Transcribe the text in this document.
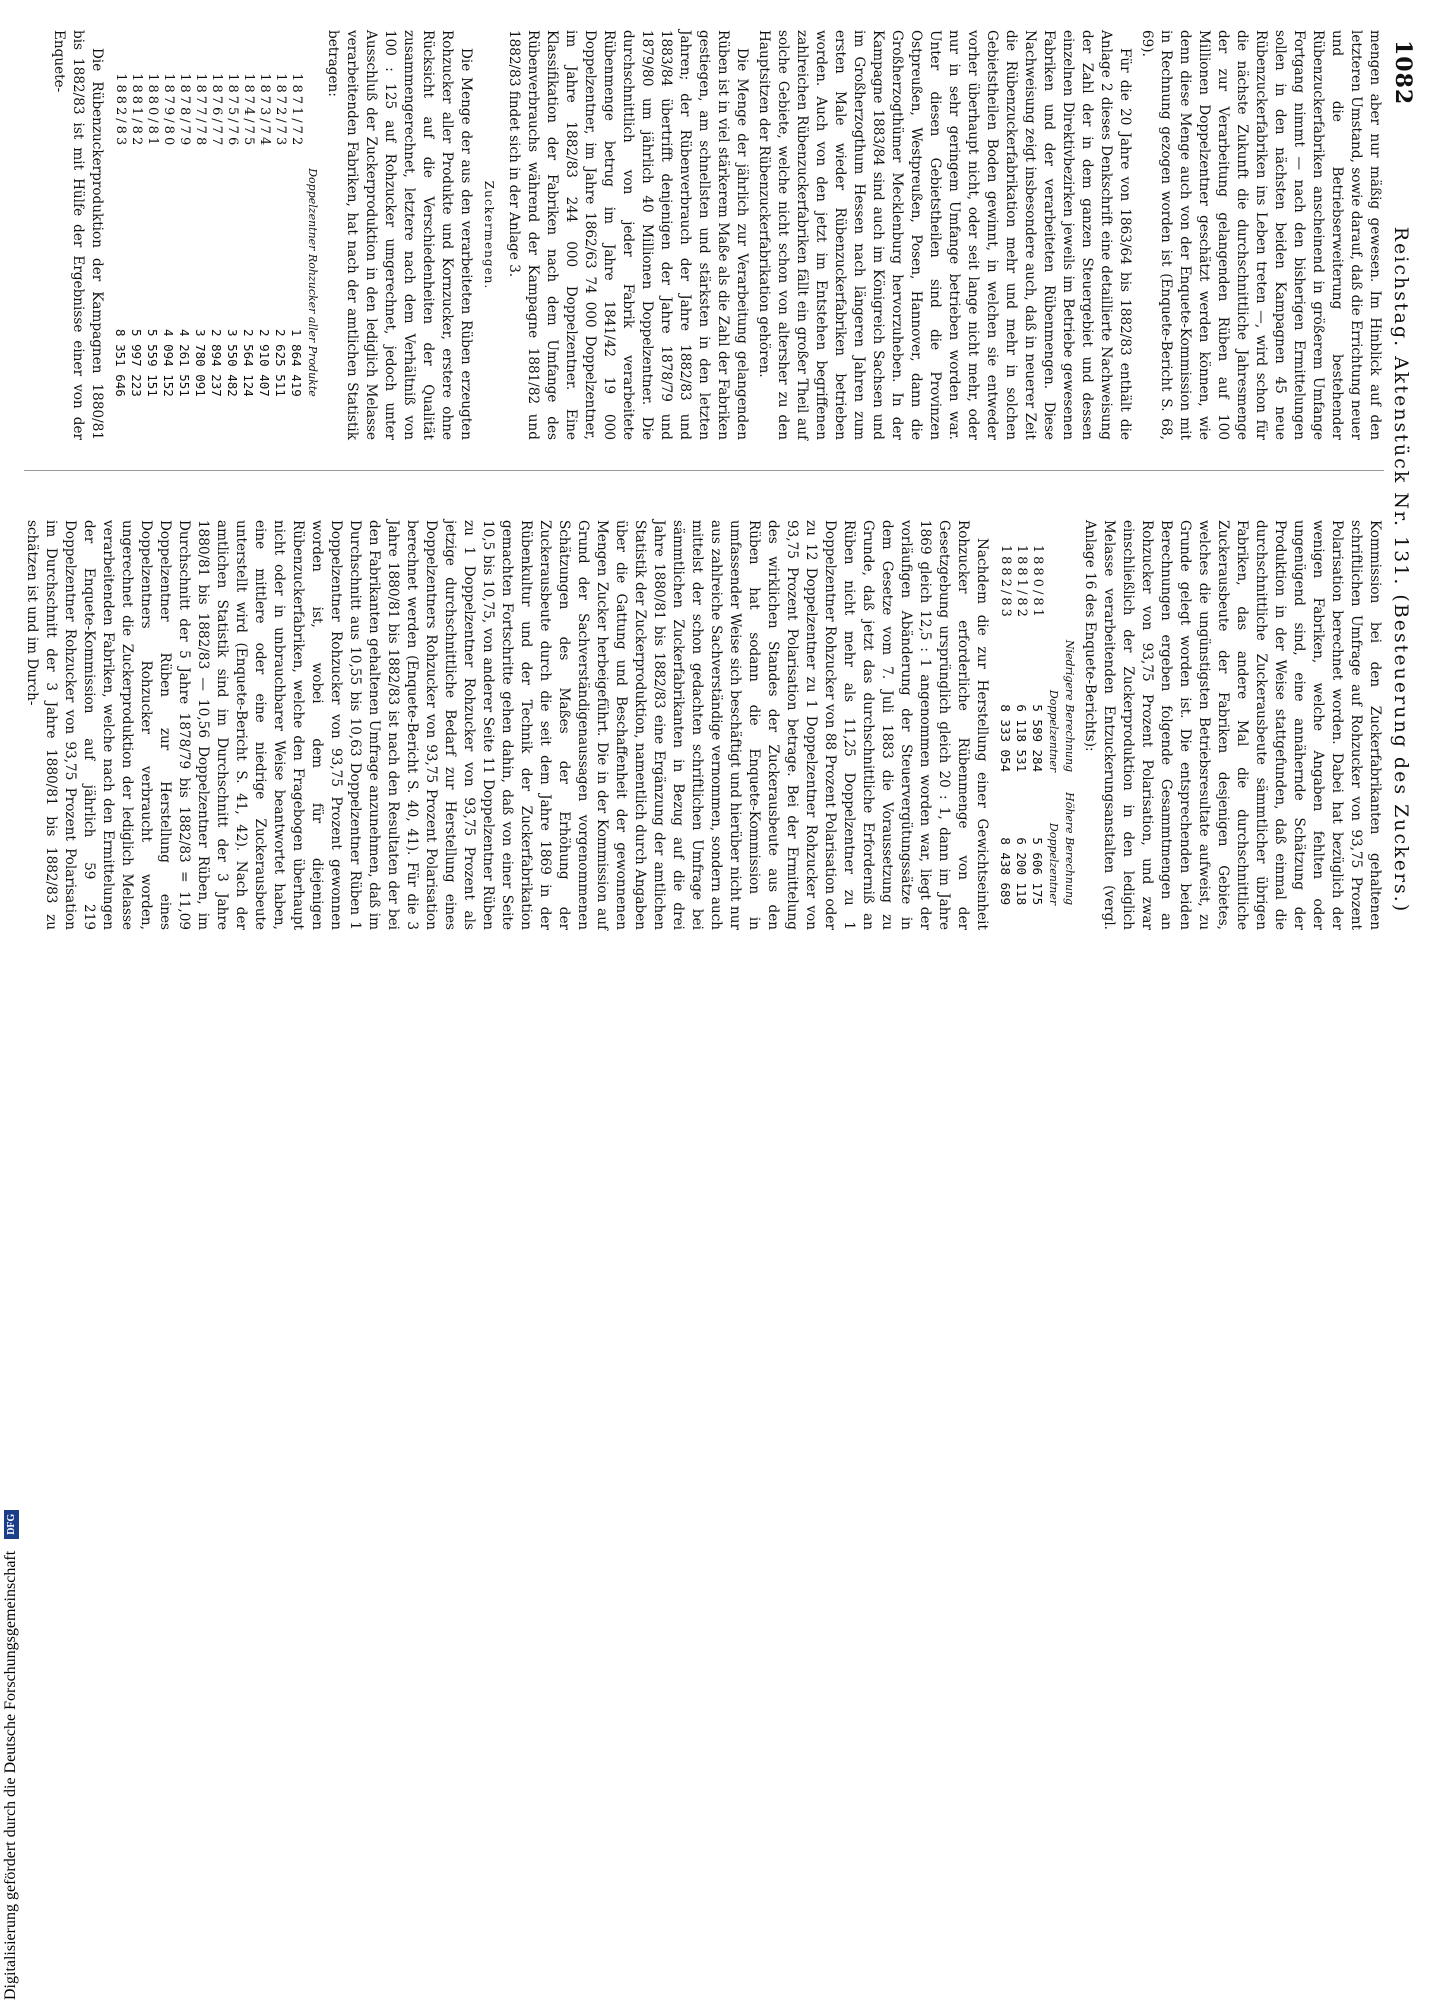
1082
Reichstag. Aktenstück Nr. 131. (Besteuerung des Zuckers.)

mengen aber nur mäßig gewesen. Im Hinblick auf den letzteren Umstand, sowie darauf, daß die Errichtung neuer und die Betriebserweiterung bestehender Rübenzuckerfabriken anscheinend in größerem Umfange Fortgang nimmt — nach den bisherigen Ermittelungen sollen in den nächsten beiden Kampagnen 45 neue Rübenzuckerfabriken ins Leben treten —, wird schon für die nächste Zukunft die durchschnittliche Jahresmenge der zur Verarbeitung gelangenden Rüben auf 100 Millionen Doppelzentner geschätzt werden können, wie denn diese Menge auch von der Enquete-Kommission mit in Rechnung gezogen worden ist (Enquete-Bericht S. 68, 69).

Für die 20 Jahre von 1863/64 bis 1882/83 enthält die Anlage 2 dieses Denkschrift eine detaillierte Nachweisung der Zahl der in dem ganzen Steuergebiet und dessen einzelnen Direktivbezirken jeweils im Betriebe gewesenen Fabriken und der verarbeiteten Rübenmengen. Diese Nachweisung zeigt insbesondere auch, daß in neuerer Zeit die Rübenzuckerfabrikation mehr und mehr in solchen Gebietstheilen Boden gewinnt, in welchen sie entweder vorher überhaupt nicht, oder seit lange nicht mehr, oder nur in sehr geringem Umfange betrieben worden war. Unter diesen Gebietstheilen sind die Provinzen Ostpreußen, Westpreußen, Posen, Hannover, dann die Großherzogthümer Mecklenburg hervorzuheben. In der Kampagne 1883/84 sind auch im Königreich Sachsen und im Großherzogthum Hessen nach längeren Jahren zum ersten Male wieder Rübenzuckerfabriken betrieben worden. Auch von den jetzt im Entstehen begriffenen zahlreichen Rübenzuckerfabriken fällt ein großer Theil auf solche Gebiete, welche nicht schon von altersher zu den Hauptsitzen der Rübenzuckerfabrikation gehören.

Die Menge der jährlich zur Verarbeitung gelangenden Rüben ist in viel stärkerem Maße als die Zahl der Fabriken gestiegen, am schnellsten und stärksten in den letzten Jahren; der Rübenverbrauch der Jahre 1882/83 und 1883/84 übertrifft denjenigen der Jahre 1878/79 und 1879/80 um jährlich 40 Millionen Doppelzentner. Die durchschnittlich von jeder Fabrik verarbeitete Rübenmenge betrug im Jahre 1841/42 19 000 Doppelzentner, im Jahre 1862/63 74 000 Doppelzentner, im Jahre 1882/83 244 000 Doppelzentner. Eine Klassifikation der Fabriken nach dem Umfange des Rübenverbrauchs während der Kampagne 1881/82 und 1882/83 findet sich in der Anlage 3.

Zuckermengen.

Die Menge der aus den verarbeiteten Rüben erzeugten Rohzucker aller Produkte und Kornzucker, erstere ohne Rücksicht auf die Verschiedenheiten der Qualität zusammengerechnet, letztere nach dem Verhältniß von 100 : 125 auf Rohzucker umgerechnet, jedoch unter Ausschluß der Zuckerproduktion in den lediglich Melasse verarbeitenden Fabriken, hat nach der amtlichen Statistik betragen:

	Doppelzentner Rohzucker aller Produkte
1871/72	1 864 419
1872/73	2 625 511
1873/74	2 910 407
1874/75	2 564 124
1875/76	3 550 482
1876/77	2 894 237
1877/78	3 780 091
1878/79	4 261 551
1879/80	4 094 152
1880/81	5 559 151
1881/82	5 997 223
1882/83	8 351 646

Die Rübenzuckerproduktion der Kampagnen 1880/81 bis 1882/83 ist mit Hülfe der Ergebnisse einer von der Enquete-

Kommission bei den Zuckerfabrikanten gehaltenen schriftlichen Umfrage auf Rohzucker von 93,75 Prozent Polarisation berechnet worden. Dabei hat bezüglich der wenigen Fabriken, welche Angaben fehlten oder ungenügend sind, eine annähernde Schätzung der Produktion in der Weise stattgefunden, daß einmal die durchschnittliche Zuckerausbeute sämmtlicher übrigen Fabriken, das andere Mal die durchschnittliche Zuckerausbeute der Fabriken desjenigen Gebietes, welches die ungünstigsten Betriebsresultate aufweist, zu Grunde gelegt worden ist. Die entsprechenden beiden Berechnungen ergeben folgende Gesammtmengen an Rohzucker von 93,75 Prozent Polarisation, und zwar einschließlich der Zuckerproduktion in den lediglich Melasse verarbeitenden Entzuckerungsanstalten (vergl. Anlage 16 des Enquete-Berichts):

	Niedrigere Berechnung	Höhere Berechnung
	Doppelzentner	Doppelzentner
1880/81	5 589 284	5 606 175
1881/82	6 118 531	6 200 118
1882/83	8 333 054	8 438 689

Nachdem die zur Herstellung einer Gewichtseinheit Rohzucker erforderliche Rübenmenge von der Gesetzgebung ursprünglich gleich 20 : 1, dann im Jahre 1869 gleich 12,5 : 1 angenommen worden war, liegt der vorläufigen Abänderung der Steuervergütungssätze in dem Gesetze vom 7. Juli 1883 die Voraussetzung zu Grunde, daß jetzt das durchschnittliche Erforderniß an Rüben nicht mehr als 11,25 Doppelzentner zu 1 Doppelzentner Rohzucker von 88 Prozent Polarisation oder zu 12 Doppelzentner zu 1 Doppelzentner Rohzucker von 93,75 Prozent Polarisation betrage. Bei der Ermittelung des wirklichen Standes der Zuckerausbeute aus den Rüben hat sodann die Enquete-Kommission in umfassender Weise sich beschäftigt und hierüber nicht nur aus zahlreiche Sachverständige vernommen, sondern auch mittelst der schon gedachten schriftlichen Umfrage bei sämmtlichen Zuckerfabrikanten in Bezug auf die drei Jahre 1880/81 bis 1882/83 eine Ergänzung der amtlichen Statistik der Zuckerproduktion, namentlich durch Angaben über die Gattung und Beschaffenheit der gewonnenen Mengen Zucker herbeigeführt. Die in der Kommission auf Grund der Sachverständigenaussagen vorgenommenen Schätzungen des Maßes der Erhöhung der Zuckerausbeute durch die seit dem Jahre 1869 in der Rübenkultur und der Technik der Zuckerfabrikation gemachten Fortschritte gehen dahin, daß von einer Seite 10,5 bis 10,75, von anderer Seite 11 Doppelzentner Rüben zu 1 Doppelzentner Rohzucker von 93,75 Prozent als jetzige durchschnittliche Bedarf zur Herstellung eines Doppelzentners Rohzucker von 93,75 Prozent Polarisation berechnet werden (Enquete-Bericht S. 40, 41). Für die 3 Jahre 1880/81 bis 1882/83 ist nach den Resultaten der bei den Fabrikanten gehaltenen Umfrage anzunehmen, daß im Durchschnitt aus 10,55 bis 10,63 Doppelzentner Rüben 1 Doppelzentner Rohzucker von 93,75 Prozent gewonnen worden ist, wobei dem für diejenigen Rübenzuckerfabriken, welche den Fragebogen überhaupt nicht oder in unbrauchbarer Weise beantwortet haben, eine mittlere oder eine niedrige Zuckerausbeute unterstellt wird (Enquete-Bericht S. 41, 42). Nach der amtlichen Statistik sind im Durchschnitt der 3 Jahre 1880/81 bis 1882/83 — 10,56 Doppelzentner Rüben, im Durchschnitt der 5 Jahre 1878/79 bis 1882/83 = 11,09 Doppelzentner Rüben zur Herstellung eines Doppelzentners Rohzucker verbraucht worden, ungerechnet die Zuckerproduktion der lediglich Melasse verarbeitenden Fabriken, welche nach den Ermittelungen der Enquete-Kommission auf jährlich 59 219 Doppelzentner Rohzucker von 93,75 Prozent Polarisation im Durchschnitt der 3 Jahre 1880/81 bis 1882/83 zu schätzen ist und im Durch-

Digitalisierung gefördert durch die Deutsche Forschungsgemeinschaft DFG
